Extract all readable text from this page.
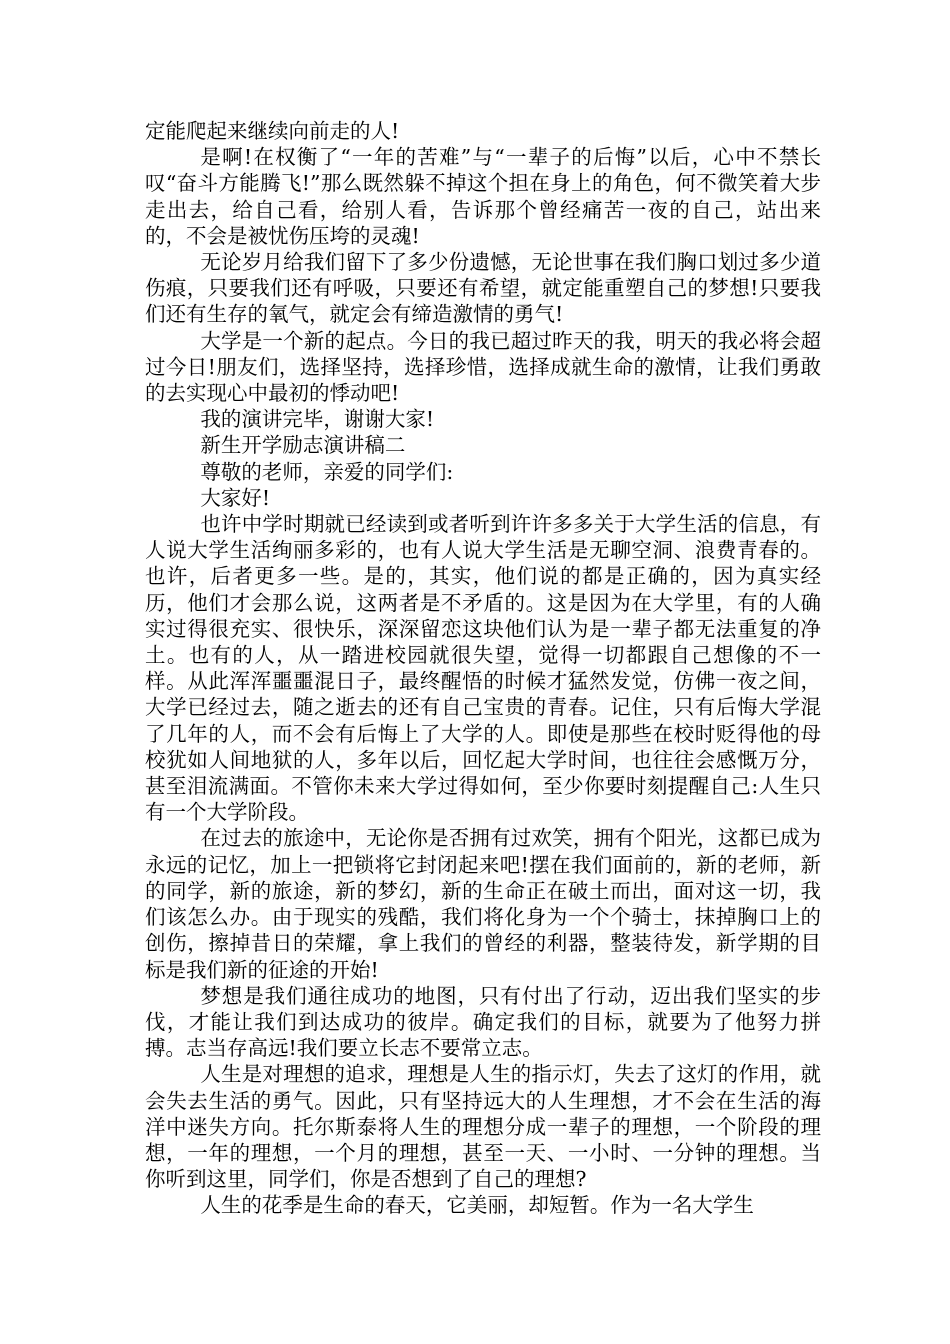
定能爬起来继续向前走的人!

是啊!在权衡了“一年的苦难”与“一辈子的后悔”以后，心中不禁长叹“奋斗方能腾飞!”那么既然躲不掉这个担在身上的角色，何不微笑着大步走出去，给自己看，给别人看，告诉那个曾经痛苦一夜的自己，站出来的，不会是被忧伤压垮的灵魂!

无论岁月给我们留下了多少份遗憾，无论世事在我们胸口划过多少道伤痕，只要我们还有呼吸，只要还有希望，就定能重塑自己的梦想!只要我们还有生存的氧气，就定会有缔造激情的勇气!

大学是一个新的起点。今日的我已超过昨天的我，明天的我必将会超过今日!朋友们，选择坚持，选择珍惜，选择成就生命的激情，让我们勇敢的去实现心中最初的悸动吧!

我的演讲完毕，谢谢大家!

新生开学励志演讲稿二

尊敬的老师，亲爱的同学们:

大家好!

也许中学时期就已经读到或者听到许许多多关于大学生活的信息，有人说大学生活绚丽多彩的，也有人说大学生活是无聊空洞、浪费青春的。也许，后者更多一些。是的，其实，他们说的都是正确的，因为真实经历，他们才会那么说，这两者是不矛盾的。这是因为在大学里，有的人确实过得很充实、很快乐，深深留恋这块他们认为是一辈子都无法重复的净土。也有的人，从一踏进校园就很失望，觉得一切都跟自己想像的不一样。从此浑浑噩噩混日子，最终醒悟的时候才猛然发觉，仿佛一夜之间，大学已经过去，随之逝去的还有自己宝贵的青春。记住，只有后悔大学混了几年的人，而不会有后悔上了大学的人。即使是那些在校时贬得他的母校犹如人间地狱的人，多年以后，回忆起大学时间，也往往会感慨万分，甚至泪流满面。不管你未来大学过得如何，至少你要时刻提醒自己:人生只有一个大学阶段。

在过去的旅途中，无论你是否拥有过欢笑，拥有个阳光，这都已成为永远的记忆，加上一把锁将它封闭起来吧!摆在我们面前的，新的老师，新的同学，新的旅途，新的梦幻，新的生命正在破土而出，面对这一切，我们该怎么办。由于现实的残酷，我们将化身为一个个骑士，抹掉胸口上的创伤，擦掉昔日的荣耀，拿上我们的曾经的利器，整装待发，新学期的目标是我们新的征途的开始!

梦想是我们通往成功的地图，只有付出了行动，迈出我们坚实的步伐，才能让我们到达成功的彼岸。确定我们的目标，就要为了他努力拼搏。志当存高远!我们要立长志不要常立志。

人生是对理想的追求，理想是人生的指示灯，失去了这灯的作用，就会失去生活的勇气。因此，只有坚持远大的人生理想，才不会在生活的海洋中迷失方向。托尔斯泰将人生的理想分成一辈子的理想，一个阶段的理想，一年的理想，一个月的理想，甚至一天、一小时、一分钟的理想。当你听到这里，同学们，你是否想到了自己的理想?

人生的花季是生命的春天，它美丽，却短暂。作为一名大学生
